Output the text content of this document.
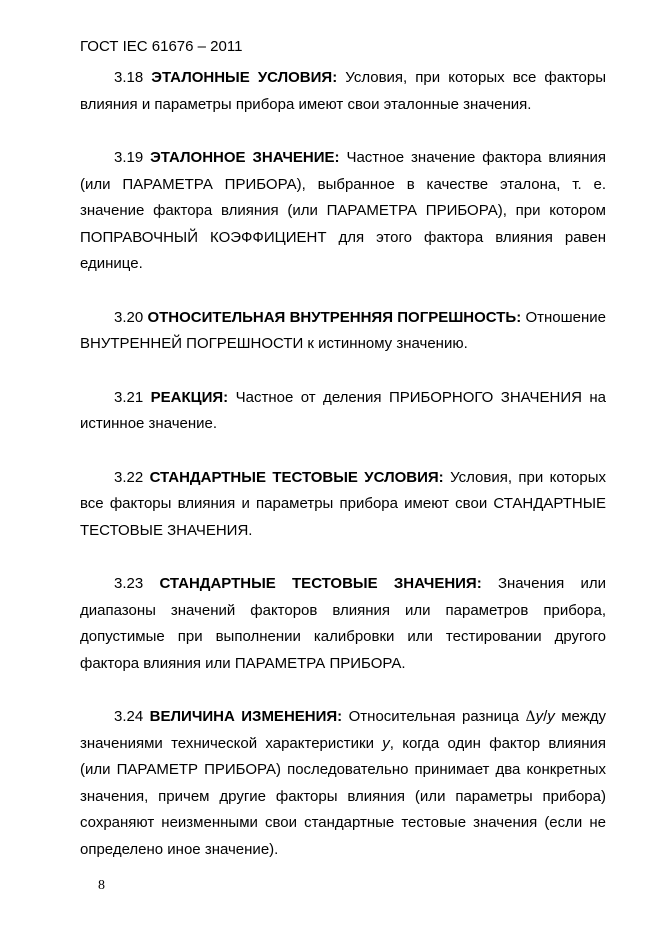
ГОСТ IEC 61676 – 2011

3.18 ЭТАЛОННЫЕ УСЛОВИЯ: Условия, при которых все факторы влияния и параметры прибора имеют свои эталонные значения.

3.19 ЭТАЛОННОЕ ЗНАЧЕНИЕ: Частное значение фактора влияния (или ПАРАМЕТРА ПРИБОРА), выбранное в качестве эталона, т. е. значение фактора влияния (или ПАРАМЕТРА ПРИБОРА), при котором ПОПРАВОЧНЫЙ КОЭФФИЦИЕНТ для этого фактора влияния равен единице.

3.20 ОТНОСИТЕЛЬНАЯ ВНУТРЕННЯЯ ПОГРЕШНОСТЬ: Отношение ВНУТРЕННЕЙ ПОГРЕШНОСТИ к истинному значению.

3.21 РЕАКЦИЯ: Частное от деления ПРИБОРНОГО ЗНАЧЕНИЯ на истинное значение.

3.22 СТАНДАРТНЫЕ ТЕСТОВЫЕ УСЛОВИЯ: Условия, при которых все факторы влияния и параметры прибора имеют свои СТАНДАРТНЫЕ ТЕСТОВЫЕ ЗНАЧЕНИЯ.

3.23 СТАНДАРТНЫЕ ТЕСТОВЫЕ ЗНАЧЕНИЯ: Значения или диапазоны значений факторов влияния или параметров прибора, допустимые при выполнении калибровки или тестировании другого фактора влияния или ПАРАМЕТРА ПРИБОРА.

3.24 ВЕЛИЧИНА ИЗМЕНЕНИЯ: Относительная разница Δy/y между значениями технической характеристики y, когда один фактор влияния (или ПАРАМЕТР ПРИБОРА) последовательно принимает два конкретных значения, причем другие факторы влияния (или параметры прибора) сохраняют неизменными свои стандартные тестовые значения (если не определено иное значение).

8
